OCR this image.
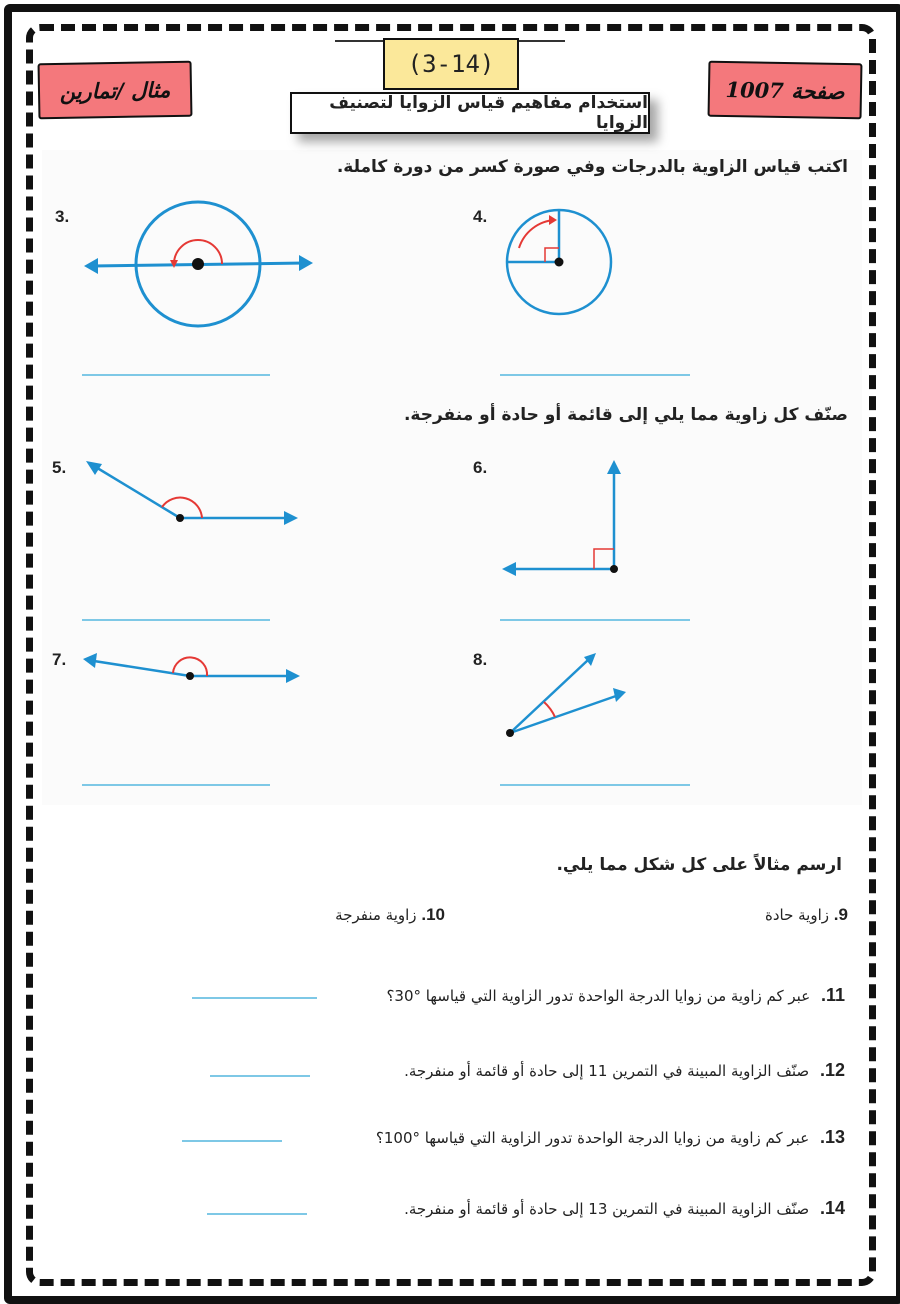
مثال /تمارين	صفحة 1007
(3-14)
استخدام مفاهيم قياس الزوايا لتصنيف الزوايا
اكتب قياس الزاوية بالدرجات وفي صورة كسر من دورة كاملة.
3.	4.
صنّف كل زاوية مما يلي إلى قائمة أو حادة أو منفرجة.
5.	6.
7.	8.
ارسم مثالاً على كل شكل مما يلي.
9. زاوية حادة
10. زاوية منفرجة
11. عبر كم زاوية من زوايا الدرجة الواحدة تدور الزاوية التي قياسها °30؟
12. صنّف الزاوية المبينة في التمرين 11 إلى حادة أو قائمة أو منفرجة.
13. عبر كم زاوية من زوايا الدرجة الواحدة تدور الزاوية التي قياسها °100؟
14. صنّف الزاوية المبينة في التمرين 13 إلى حادة أو قائمة أو منفرجة.
